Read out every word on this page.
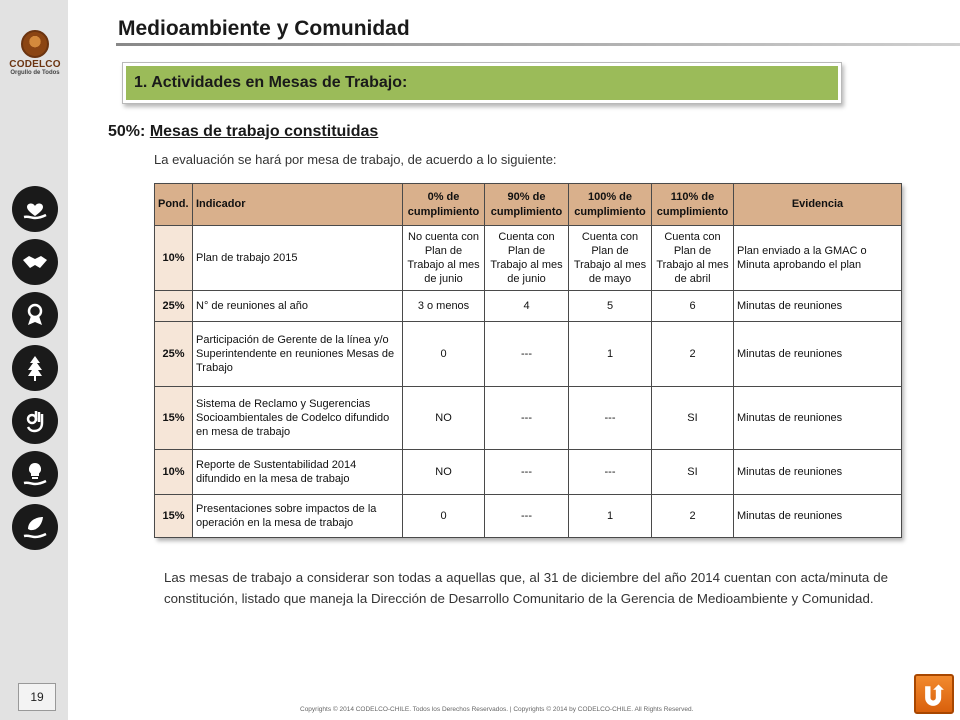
CODELCO
Orgullo de Todos
19
Medioambiente y Comunidad
1. Actividades en Mesas de Trabajo:
50%: Mesas de trabajo constituidas
La evaluación se hará por mesa de trabajo, de acuerdo a lo siguiente:
Pond.	Indicador	0% de cumplimiento	90% de cumplimiento	100% de cumplimiento	110% de cumplimiento	Evidencia
10%	Plan de trabajo 2015	No cuenta con Plan de Trabajo al mes de junio	Cuenta con Plan de Trabajo al mes de junio	Cuenta con Plan de Trabajo al mes de mayo	Cuenta con Plan de Trabajo al mes de abril	Plan enviado a la GMAC o Minuta aprobando el plan
25%	N° de reuniones al año	3 o menos	4	5	6	Minutas de reuniones
25%	Participación de Gerente de la línea y/o Superintendente en reuniones Mesas de Trabajo	0	---	1	2	Minutas de reuniones
15%	Sistema de Reclamo y Sugerencias Socioambientales de Codelco difundido en mesa de trabajo	NO	---	---	SI	Minutas de reuniones
10%	Reporte de Sustentabilidad 2014 difundido en la mesa de trabajo	NO	---	---	SI	Minutas de reuniones
15%	Presentaciones sobre impactos de la operación en la mesa de trabajo	0	---	1	2	Minutas de reuniones
Las mesas de trabajo a considerar son todas a aquellas que, al 31 de diciembre del año 2014 cuentan con acta/minuta de constitución, listado que maneja la Dirección de Desarrollo Comunitario de la Gerencia de Medioambiente y Comunidad.
Copyrights © 2014 CODELCO-CHILE. Todos los Derechos Reservados. | Copyrights © 2014 by CODELCO-CHILE. All Rights Reserved.
